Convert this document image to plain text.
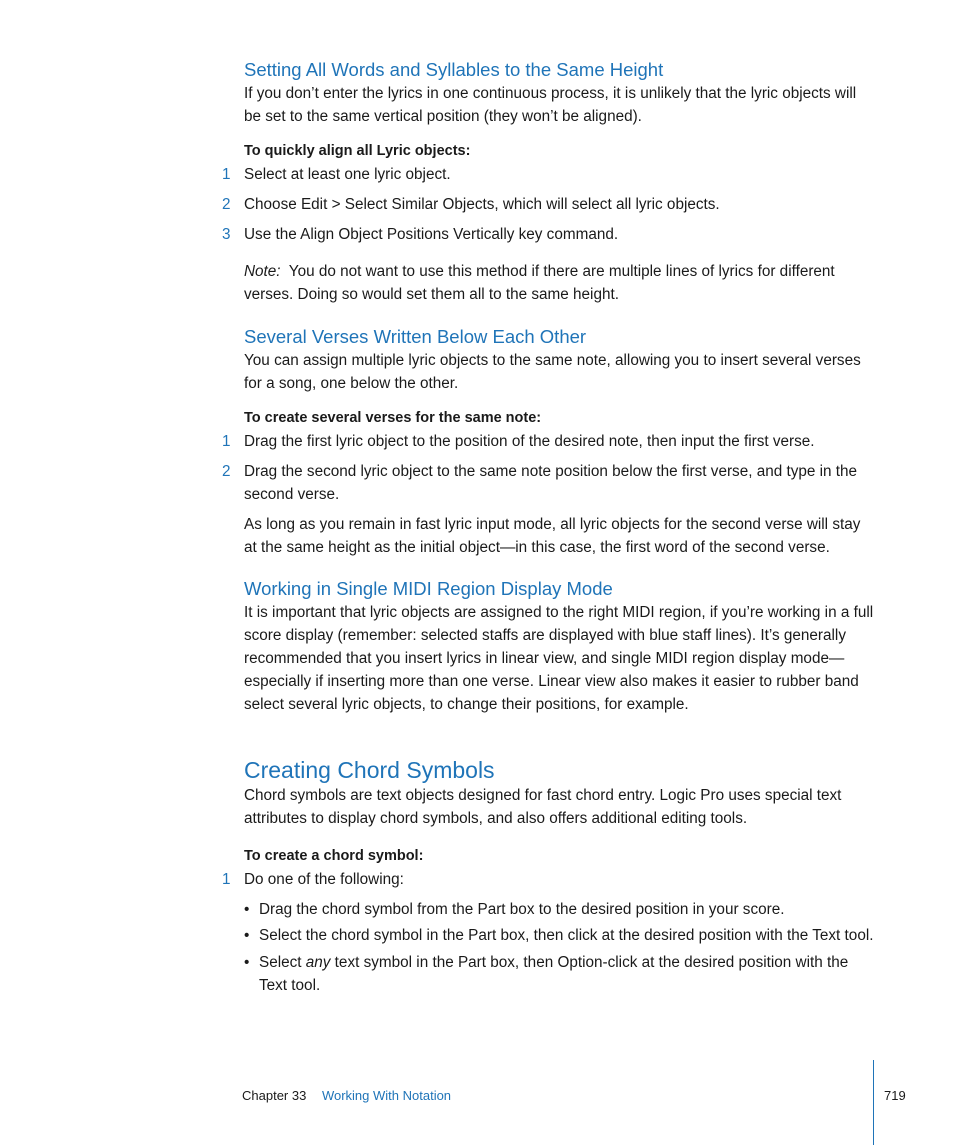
Setting All Words and Syllables to the Same Height

If you don’t enter the lyrics in one continuous process, it is unlikely that the lyric objects will be set to the same vertical position (they won’t be aligned).

To quickly align all Lyric objects:
1 Select at least one lyric object.
2 Choose Edit > Select Similar Objects, which will select all lyric objects.
3 Use the Align Object Positions Vertically key command.

Note: You do not want to use this method if there are multiple lines of lyrics for different verses. Doing so would set them all to the same height.

Several Verses Written Below Each Other

You can assign multiple lyric objects to the same note, allowing you to insert several verses for a song, one below the other.

To create several verses for the same note:
1 Drag the first lyric object to the position of the desired note, then input the first verse.
2 Drag the second lyric object to the same note position below the first verse, and type in the second verse.

As long as you remain in fast lyric input mode, all lyric objects for the second verse will stay at the same height as the initial object—in this case, the first word of the second verse.

Working in Single MIDI Region Display Mode

It is important that lyric objects are assigned to the right MIDI region, if you’re working in a full score display (remember: selected staffs are displayed with blue staff lines). It’s generally recommended that you insert lyrics in linear view, and single MIDI region display mode—especially if inserting more than one verse. Linear view also makes it easier to rubber band select several lyric objects, to change their positions, for example.

Creating Chord Symbols

Chord symbols are text objects designed for fast chord entry. Logic Pro uses special text attributes to display chord symbols, and also offers additional editing tools.

To create a chord symbol:
1 Do one of the following:
• Drag the chord symbol from the Part box to the desired position in your score.
• Select the chord symbol in the Part box, then click at the desired position with the Text tool.
• Select any text symbol in the Part box, then Option-click at the desired position with the Text tool.
Chapter 33 Working With Notation	719
